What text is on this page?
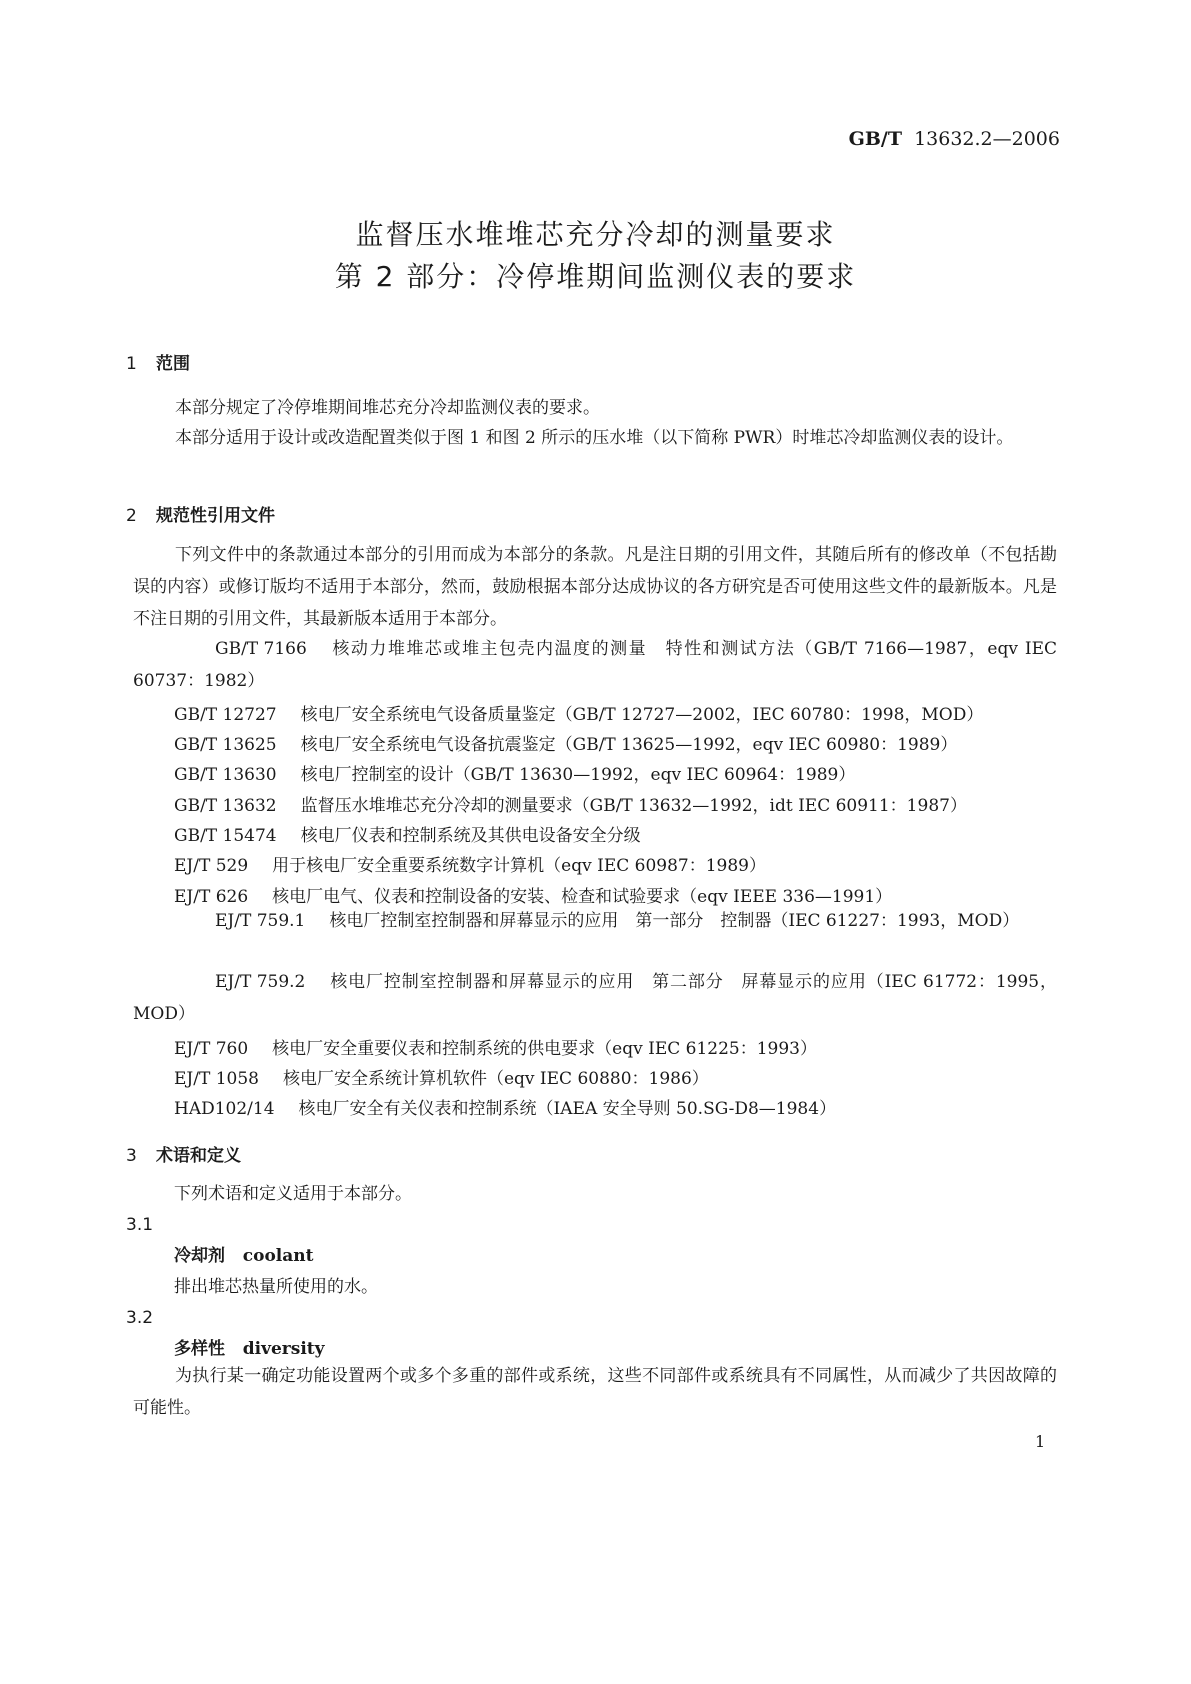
GB/T 13632.2—2006
监督压水堆堆芯充分冷却的测量要求
第 2 部分：冷停堆期间监测仪表的要求
1 范围
本部分规定了冷停堆期间堆芯充分冷却监测仪表的要求。
本部分适用于设计或改造配置类似于图 1 和图 2 所示的压水堆（以下简称 PWR）时堆芯冷却监测仪表的设计。
2 规范性引用文件
下列文件中的条款通过本部分的引用而成为本部分的条款。凡是注日期的引用文件，其随后所有的修改单（不包括勘误的内容）或修订版均不适用于本部分，然而，鼓励根据本部分达成协议的各方研究是否可使用这些文件的最新版本。凡是不注日期的引用文件，其最新版本适用于本部分。
GB/T 7166 核动力堆堆芯或堆主包壳内温度的测量　特性和测试方法（GB/T 7166—1987，eqv IEC 60737：1982）
GB/T 12727 核电厂安全系统电气设备质量鉴定（GB/T 12727—2002，IEC 60780：1998，MOD）
GB/T 13625 核电厂安全系统电气设备抗震鉴定（GB/T 13625—1992，eqv IEC 60980：1989）
GB/T 13630 核电厂控制室的设计（GB/T 13630—1992，eqv IEC 60964：1989）
GB/T 13632 监督压水堆堆芯充分冷却的测量要求（GB/T 13632—1992，idt IEC 60911：1987）
GB/T 15474 核电厂仪表和控制系统及其供电设备安全分级
EJ/T 529 用于核电厂安全重要系统数字计算机（eqv IEC 60987：1989）
EJ/T 626 核电厂电气、仪表和控制设备的安装、检查和试验要求（eqv IEEE 336—1991）
EJ/T 759.1 核电厂控制室控制器和屏幕显示的应用　第一部分　控制器（IEC 61227：1993，MOD）
EJ/T 759.2 核电厂控制室控制器和屏幕显示的应用　第二部分　屏幕显示的应用（IEC 61772：1995，MOD）
EJ/T 760 核电厂安全重要仪表和控制系统的供电要求（eqv IEC 61225：1993）
EJ/T 1058 核电厂安全系统计算机软件（eqv IEC 60880：1986）
HAD102/14 核电厂安全有关仪表和控制系统（IAEA 安全导则 50.SG-D8—1984）
3 术语和定义
下列术语和定义适用于本部分。
3.1
冷却剂 coolant
排出堆芯热量所使用的水。
3.2
多样性 diversity
为执行某一确定功能设置两个或多个多重的部件或系统，这些不同部件或系统具有不同属性，从而减少了共因故障的可能性。
1
